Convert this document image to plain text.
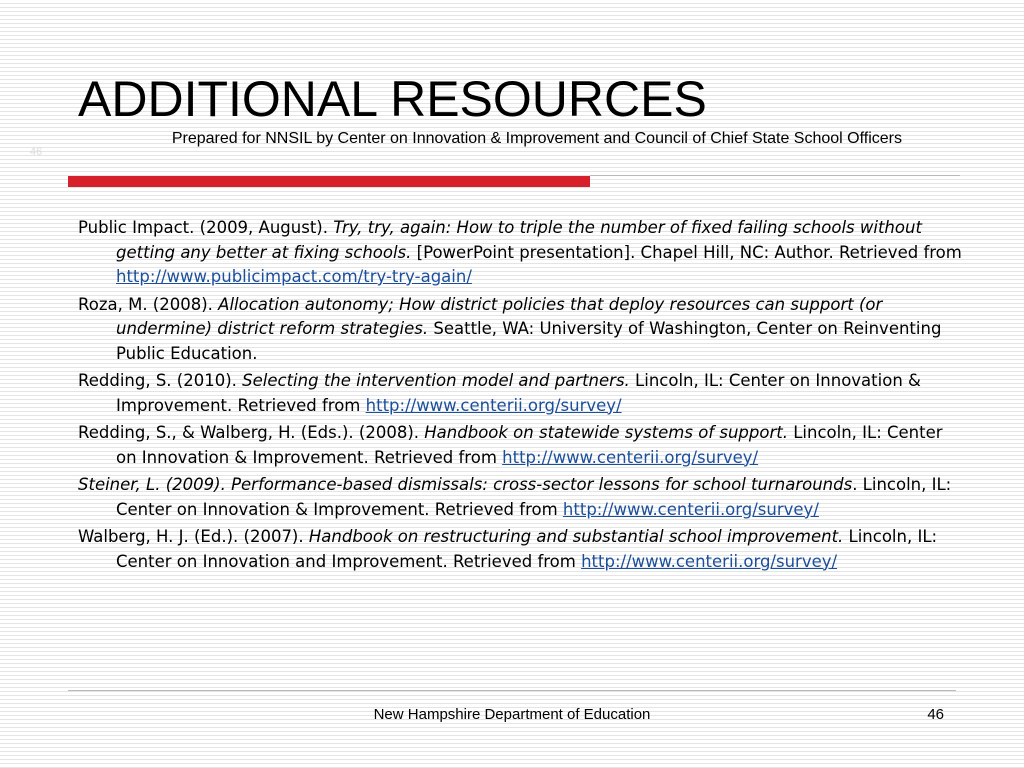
ADDITIONAL RESOURCES

Prepared for NNSIL by Center on Innovation & Improvement and Council of Chief State School Officers

46
Public Impact. (2009, August). Try, try, again: How to triple the number of fixed failing schools without getting any better at fixing schools. [PowerPoint presentation]. Chapel Hill, NC: Author. Retrieved from http://www.publicimpact.com/try-try-again/
Roza, M. (2008). Allocation autonomy; How district policies that deploy resources can support (or undermine) district reform strategies. Seattle, WA: University of Washington, Center on Reinventing Public Education.
Redding, S. (2010). Selecting the intervention model and partners. Lincoln, IL: Center on Innovation & Improvement. Retrieved from http://www.centerii.org/survey/
Redding, S., & Walberg, H. (Eds.). (2008). Handbook on statewide systems of support. Lincoln, IL: Center on Innovation & Improvement. Retrieved from http://www.centerii.org/survey/
Steiner, L. (2009). Performance-based dismissals: cross-sector lessons for school turnarounds. Lincoln, IL: Center on Innovation & Improvement. Retrieved from http://www.centerii.org/survey/
Walberg, H. J. (Ed.). (2007). Handbook on restructuring and substantial school improvement. Lincoln, IL: Center on Innovation and Improvement. Retrieved from http://www.centerii.org/survey/
New Hampshire Department of Education	46
